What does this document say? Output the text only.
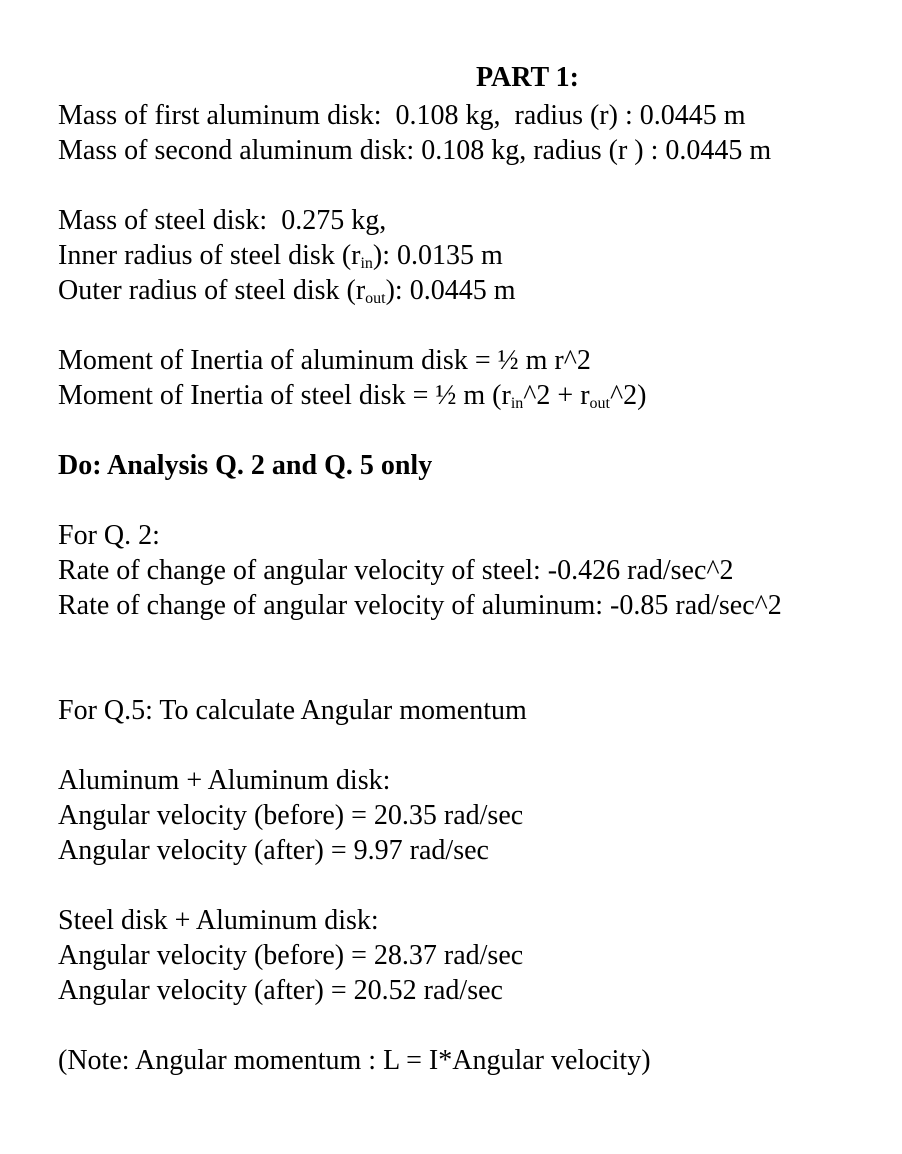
PART 1:
Mass of first aluminum disk: 0.108 kg, radius (r) : 0.0445 m
Mass of second aluminum disk: 0.108 kg, radius (r ) : 0.0445 m
Mass of steel disk: 0.275 kg,
Inner radius of steel disk $(r_{in})$: 0.0135 m
Outer radius of steel disk $(r_{out})$: 0.0445 m
Moment of Inertia of aluminum disk = ½ m r^2
Moment of Inertia of steel disk = ½ m ($r_{in}\^{}2$ + $r_{out}\^{}2$)
Do: Analysis Q. 2 and Q. 5 only
For Q. 2:
Rate of change of angular velocity of steel: -0.426 rad/sec^2
Rate of change of angular velocity of aluminum: -0.85 rad/sec^2
For Q.5: To calculate Angular momentum
Aluminum + Aluminum disk:
Angular velocity (before) = 20.35 rad/sec
Angular velocity (after) = 9.97 rad/sec
Steel disk + Aluminum disk:
Angular velocity (before) = 28.37 rad/sec
Angular velocity (after) = 20.52 rad/sec
(Note: Angular momentum : L = I*Angular velocity)
